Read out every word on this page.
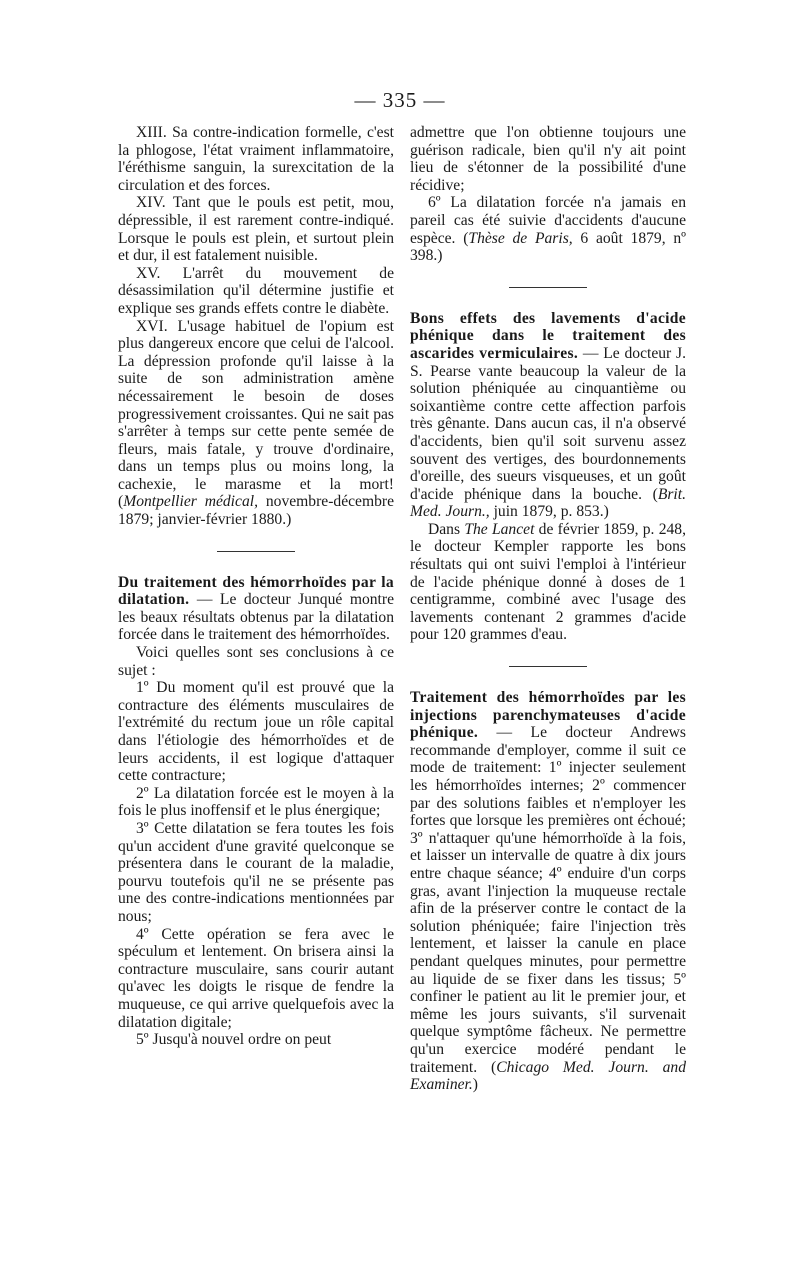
— 335 —

XIII. Sa contre-indication formelle, c'est la phlogose, l'état vraiment inflammatoire, l'éréthisme sanguin, la surexcitation de la circulation et des forces.

XIV. Tant que le pouls est petit, mou, dépressible, il est rarement contre-indiqué. Lorsque le pouls est plein, et surtout plein et dur, il est fatalement nuisible.

XV. L'arrêt du mouvement de désassimilation qu'il détermine justifie et explique ses grands effets contre le diabète.

XVI. L'usage habituel de l'opium est plus dangereux encore que celui de l'alcool. La dépression profonde qu'il laisse à la suite de son administration amène nécessairement le besoin de doses progressivement croissantes. Qui ne sait pas s'arrêter à temps sur cette pente semée de fleurs, mais fatale, y trouve d'ordinaire, dans un temps plus ou moins long, la cachexie, le marasme et la mort! (Montpellier médical, novembre-décembre 1879; janvier-février 1880.)

Du traitement des hémorrhoïdes par la dilatation. — Le docteur Junqué montre les beaux résultats obtenus par la dilatation forcée dans le traitement des hémorrhoïdes.

Voici quelles sont ses conclusions à ce sujet :

1º Du moment qu'il est prouvé que la contracture des éléments musculaires de l'extrémité du rectum joue un rôle capital dans l'étiologie des hémorrhoïdes et de leurs accidents, il est logique d'attaquer cette contracture;

2º La dilatation forcée est le moyen à la fois le plus inoffensif et le plus énergique;

3º Cette dilatation se fera toutes les fois qu'un accident d'une gravité quelconque se présentera dans le courant de la maladie, pourvu toutefois qu'il ne se présente pas une des contre-indications mentionnées par nous;

4º Cette opération se fera avec le spéculum et lentement. On brisera ainsi la contracture musculaire, sans courir autant qu'avec les doigts le risque de fendre la muqueuse, ce qui arrive quelquefois avec la dilatation digitale;

5º Jusqu'à nouvel ordre on peut

admettre que l'on obtienne toujours une guérison radicale, bien qu'il n'y ait point lieu de s'étonner de la possibilité d'une récidive;

6º La dilatation forcée n'a jamais en pareil cas été suivie d'accidents d'aucune espèce. (Thèse de Paris, 6 août 1879, nº 398.)

Bons effets des lavements d'acide phénique dans le traitement des ascarides vermiculaires. — Le docteur J. S. Pearse vante beaucoup la valeur de la solution phéniquée au cinquantième ou soixantième contre cette affection parfois très gênante. Dans aucun cas, il n'a observé d'accidents, bien qu'il soit survenu assez souvent des vertiges, des bourdonnements d'oreille, des sueurs visqueuses, et un goût d'acide phénique dans la bouche. (Brit. Med. Journ., juin 1879, p. 853.)

Dans The Lancet de février 1859, p. 248, le docteur Kempler rapporte les bons résultats qui ont suivi l'emploi à l'intérieur de l'acide phénique donné à doses de 1 centigramme, combiné avec l'usage des lavements contenant 2 grammes d'acide pour 120 grammes d'eau.

Traitement des hémorrhoïdes par les injections parenchymateuses d'acide phénique. — Le docteur Andrews recommande d'employer, comme il suit ce mode de traitement: 1º injecter seulement les hémorrhoïdes internes; 2º commencer par des solutions faibles et n'employer les fortes que lorsque les premières ont échoué; 3º n'attaquer qu'une hémorrhoïde à la fois, et laisser un intervalle de quatre à dix jours entre chaque séance; 4º enduire d'un corps gras, avant l'injection la muqueuse rectale afin de la préserver contre le contact de la solution phéniquée; faire l'injection très lentement, et laisser la canule en place pendant quelques minutes, pour permettre au liquide de se fixer dans les tissus; 5º confiner le patient au lit le premier jour, et même les jours suivants, s'il survenait quelque symptôme fâcheux. Ne permettre qu'un exercice modéré pendant le traitement. (Chicago Med. Journ. and Examiner.)
